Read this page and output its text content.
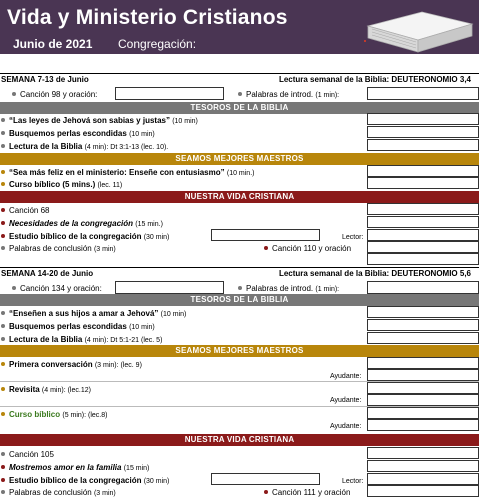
Vida y Ministerio Cristianos
Junio de 2021 Congregación:
SEMANA 7-13 de Junio	Lectura semanal de la Biblia: DEUTERONOMIO 3,4
Canción 98 y oración:	Palabras de introd. (1 min):
TESOROS DE LA BIBLIA
“Las leyes de Jehová son sabias y justas” (10 min)
Busquemos perlas escondidas (10 min)
Lectura de la Biblia (4 min): Dt 3:1-13 (lec. 10).
SEAMOS MEJORES MAESTROS
“Sea más feliz en el ministerio: Enseñe con entusiasmo” (10 min.)
Curso bíblico (5 mins.) (lec. 11)
NUESTRA VIDA CRISTIANA
Canción 68
Necesidades de la congregación (15 min.)
Estudio bíblico de la congregación (30 min)	Lector:
Palabras de conclusión (3 min)	Canción 110 y oración
SEMANA 14-20 de Junio	Lectura semanal de la Biblia: DEUTERONOMIO 5,6
Canción 134 y oración:	Palabras de introd. (1 min):
TESOROS DE LA BIBLIA
“Enseñen a sus hijos a amar a Jehová” (10 min)
Busquemos perlas escondidas (10 min)
Lectura de la Biblia (4 min): Dt 5:1-21 (lec. 5)
SEAMOS MEJORES MAESTROS
Primera conversación (3 min): (lec. 9)
Ayudante:
Revisita (4 min): (lec.12)
Ayudante:
Curso bíblico (5 min): (lec.8)
Ayudante:
NUESTRA VIDA CRISTIANA
Canción 105
Mostremos amor en la familia (15 min)
Estudio bíblico de la congregación (30 min)	Lector:
Palabras de conclusión (3 min)	Canción 111 y oración
